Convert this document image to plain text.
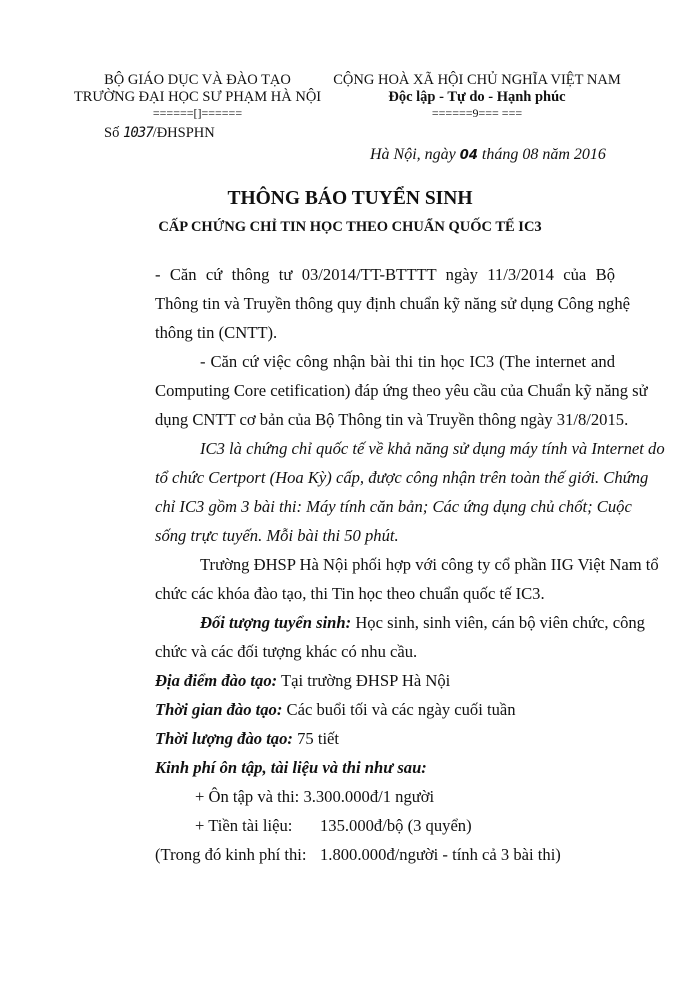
BỘ GIÁO DỤC VÀ ĐÀO TẠO
TRƯỜNG ĐẠI HỌC SƯ PHẠM HÀ NỘI
======[]======
Số 1037/ĐHSPHN
CỘNG HOÀ XÃ HỘI CHỦ NGHĨA VIỆT NAM
Độc lập - Tự do - Hạnh phúc
======9=== ===
Hà Nội, ngày 04 tháng 08 năm 2016
THÔNG BÁO TUYỂN SINH
CẤP CHỨNG CHỈ TIN HỌC THEO CHUẨN QUỐC TẾ IC3
- Căn cứ thông tư 03/2014/TT-BTTTT ngày 11/3/2014 của Bộ
Thông tin và Truyền thông quy định chuẩn kỹ năng sử dụng Công nghệ
thông tin (CNTT).
- Căn cứ việc công nhận bài thi tin học IC3 (The internet and
Computing Core cetification) đáp ứng theo yêu cầu của Chuẩn kỹ năng sử
dụng CNTT cơ bản của Bộ Thông tin và Truyền thông ngày 31/8/2015.
IC3 là chứng chỉ quốc tế về khả năng sử dụng máy tính và Internet do
tổ chức Certport (Hoa Kỳ) cấp, được công nhận trên toàn thế giới. Chứng
chỉ IC3 gồm 3 bài thi: Máy tính căn bản; Các ứng dụng chủ chốt; Cuộc
sống trực tuyến. Mỗi bài thi 50 phút.
Trường ĐHSP Hà Nội phối hợp với công ty cổ phần IIG Việt Nam tổ
chức các khóa đào tạo, thi Tin học theo chuẩn quốc tế IC3.
Đối tượng tuyển sinh: Học sinh, sinh viên, cán bộ viên chức, công
chức và các đối tượng khác có nhu cầu.
Địa điểm đào tạo: Tại trường ĐHSP Hà Nội
Thời gian đào tạo: Các buổi tối và các ngày cuối tuần
Thời lượng đào tạo: 75 tiết
Kinh phí ôn tập, tài liệu và thi như sau:
+ Ôn tập và thi: 3.300.000đ/1 người
+ Tiền tài liệu: 135.000đ/bộ (3 quyển)
(Trong đó kinh phí thi: 1.800.000đ/người - tính cả 3 bài thi)
